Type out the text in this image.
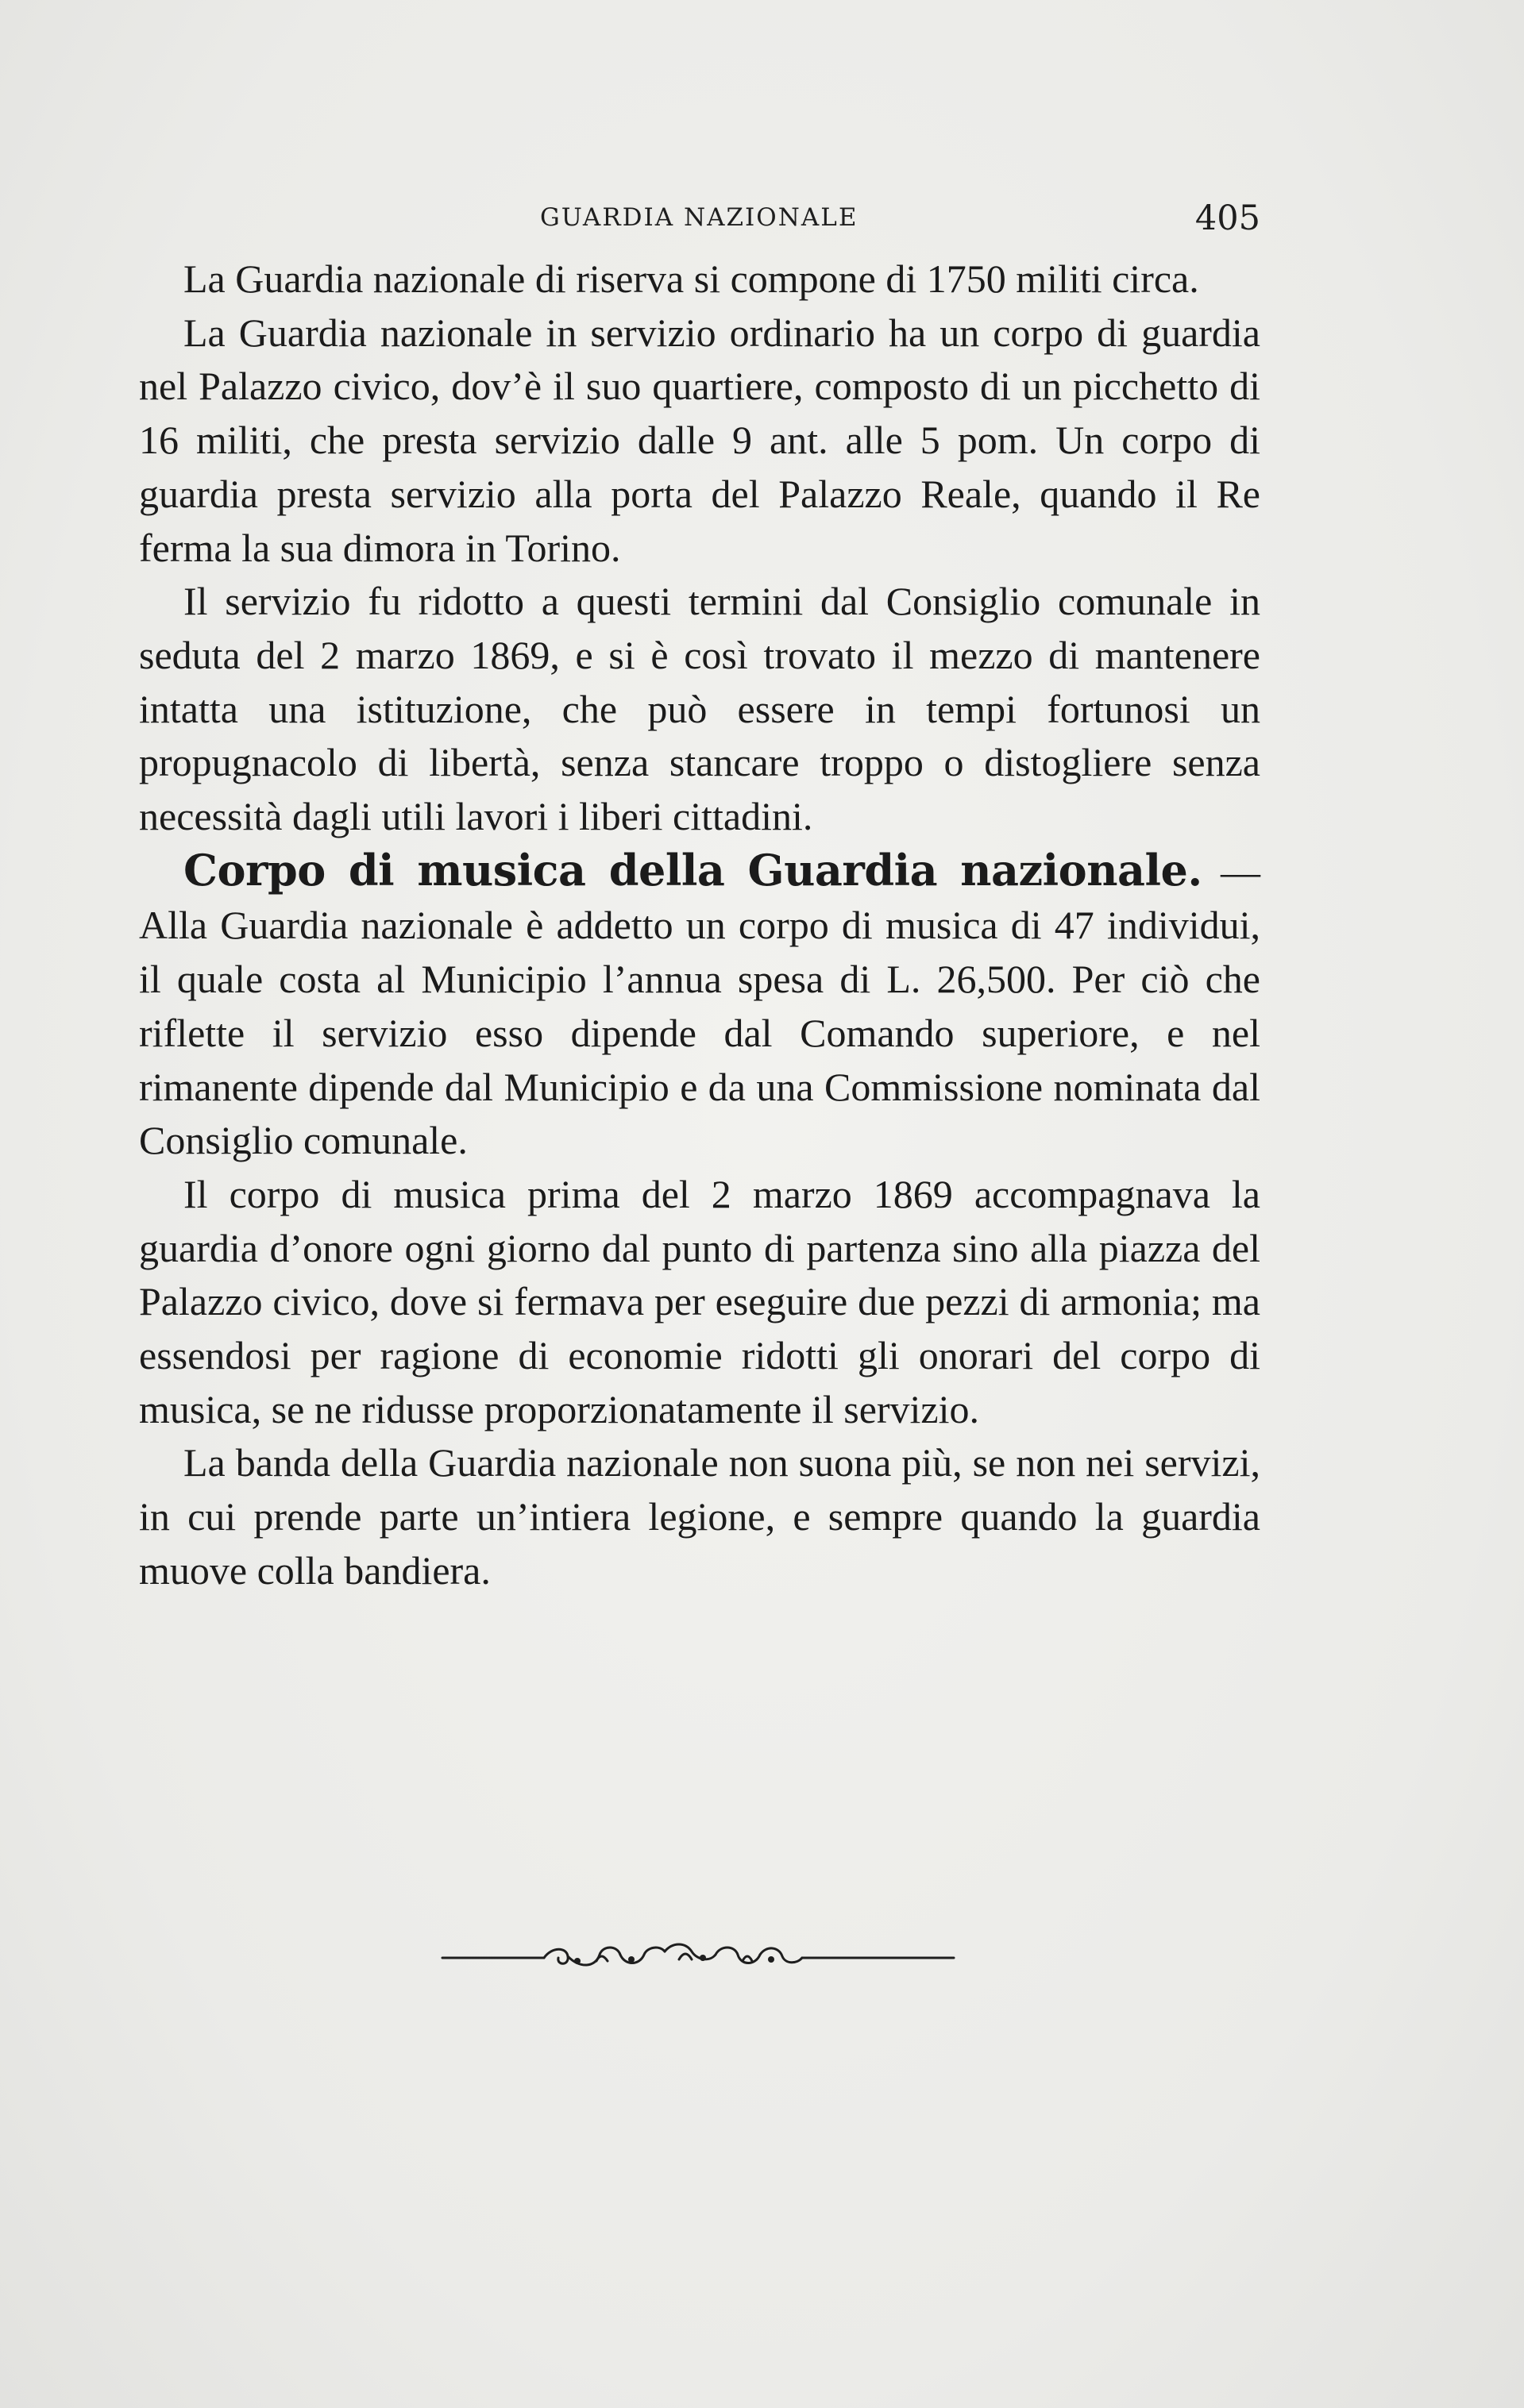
GUARDIA NAZIONALE	405

La Guardia nazionale di riserva si compone di 1750 militi circa.

La Guardia nazionale in servizio ordinario ha un corpo di guardia nel Palazzo civico, dov’è il suo quartiere, composto di un picchetto di 16 militi, che presta servizio dalle 9 ant. alle 5 pom. Un corpo di guardia presta servizio alla porta del Palazzo Reale, quando il Re ferma la sua dimora in Torino.

Il servizio fu ridotto a questi termini dal Consiglio comunale in seduta del 2 marzo 1869, e si è così trovato il mezzo di mantenere intatta una istituzione, che può essere in tempi fortunosi un propugnacolo di libertà, senza stancare troppo o distogliere senza necessità dagli utili lavori i liberi cittadini.

Corpo di musica della Guardia nazionale. — Alla Guardia nazionale è addetto un corpo di musica di 47 individui, il quale costa al Municipio l’annua spesa di L. 26,500. Per ciò che riflette il servizio esso dipende dal Comando superiore, e nel rimanente dipende dal Municipio e da una Commissione nominata dal Consiglio comunale.

Il corpo di musica prima del 2 marzo 1869 accompagnava la guardia d’onore ogni giorno dal punto di partenza sino alla piazza del Palazzo civico, dove si fermava per eseguire due pezzi di armonia; ma essendosi per ragione di economie ridotti gli onorari del corpo di musica, se ne ridusse proporzionatamente il servizio.

La banda della Guardia nazionale non suona più, se non nei servizi, in cui prende parte un’intiera legione, e sempre quando la guardia muove colla bandiera.
